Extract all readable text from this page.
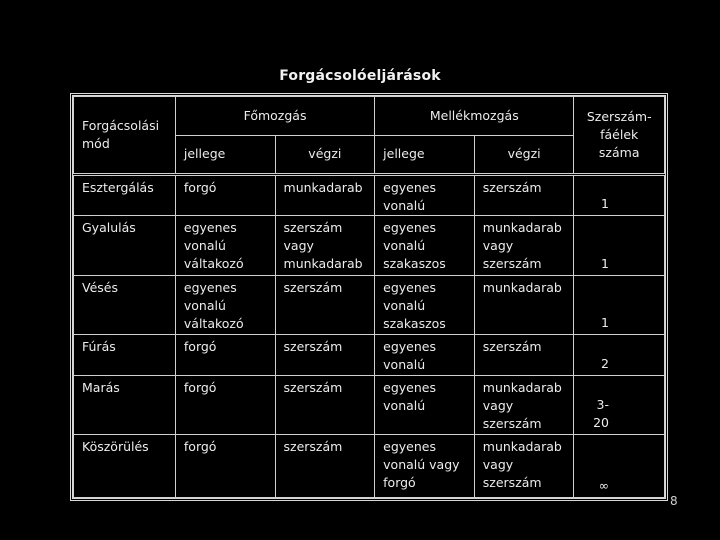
Forgácsolóeljárások
Forgácsolási mód	Főmozgás		Mellékmozgás		Szerszám-fáélek száma
	jellege	végzi	jellege	végzi	
Esztergálás	forgó	munkadarab	egyenes vonalú	szerszám	1
Gyalulás	egyenes vonalú váltakozó	szerszám vagy munkadarab	egyenes vonalú szakaszos	munkadarab vagy szerszám	1
Vésés	egyenes vonalú váltakozó	szerszám	egyenes vonalú szakaszos	munkadarab	1
Fúrás	forgó	szerszám	egyenes vonalú	szerszám	2
Marás	forgó	szerszám	egyenes vonalú	munkadarab vagy szerszám	3-20
Köszörülés	forgó	szerszám	egyenes vonalú vagy forgó	munkadarab vagy szerszám	∞
8
